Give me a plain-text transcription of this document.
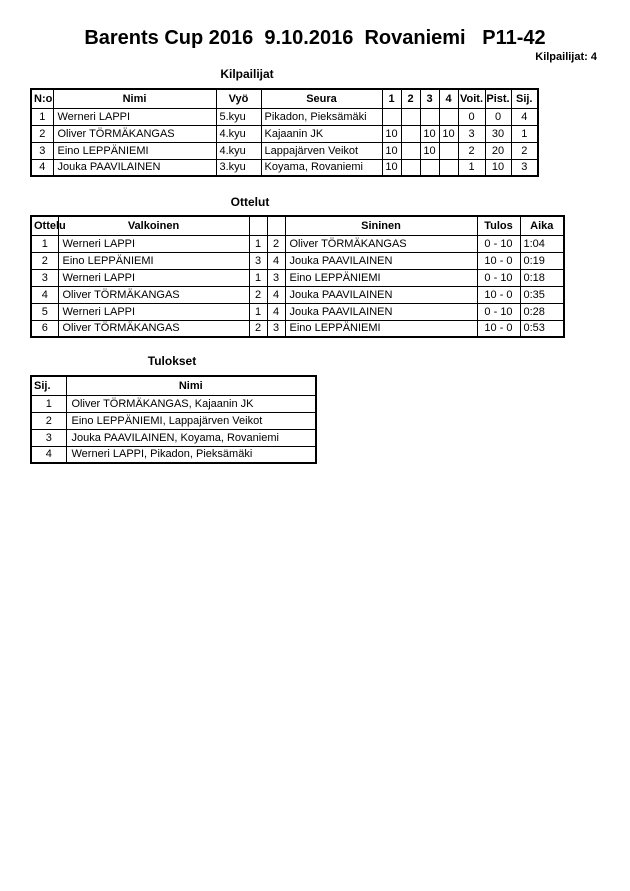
Barents Cup 2016  9.10.2016  Rovaniemi   P11-42
Kilpailijat: 4
Kilpailijat
N:o	Nimi	Vyö	Seura	1	2	3	4	Voit.	Pist.	Sij.
1	Werneri LAPPI	5.kyu	Pikadon, Pieksämäki					0	0	4
2	Oliver TÖRMÄKANGAS	4.kyu	Kajaanin JK	10		10	10	3	30	1
3	Eino LEPPÄNIEMI	4.kyu	Lappajärven Veikot	10		10		2	20	2
4	Jouka PAAVILAINEN	3.kyu	Koyama, Rovaniemi	10				1	10	3
Ottelut
Ottelu	Valkoinen			Sininen	Tulos	Aika
1	Werneri LAPPI	1	2	Oliver TÖRMÄKANGAS	0 - 10	1:04
2	Eino LEPPÄNIEMI	3	4	Jouka PAAVILAINEN	10 - 0	0:19
3	Werneri LAPPI	1	3	Eino LEPPÄNIEMI	0 - 10	0:18
4	Oliver TÖRMÄKANGAS	2	4	Jouka PAAVILAINEN	10 - 0	0:35
5	Werneri LAPPI	1	4	Jouka PAAVILAINEN	0 - 10	0:28
6	Oliver TÖRMÄKANGAS	2	3	Eino LEPPÄNIEMI	10 - 0	0:53
Tulokset
Sij.	Nimi
1	Oliver TÖRMÄKANGAS, Kajaanin JK
2	Eino LEPPÄNIEMI, Lappajärven Veikot
3	Jouka PAAVILAINEN, Koyama, Rovaniemi
4	Werneri LAPPI, Pikadon, Pieksämäki
